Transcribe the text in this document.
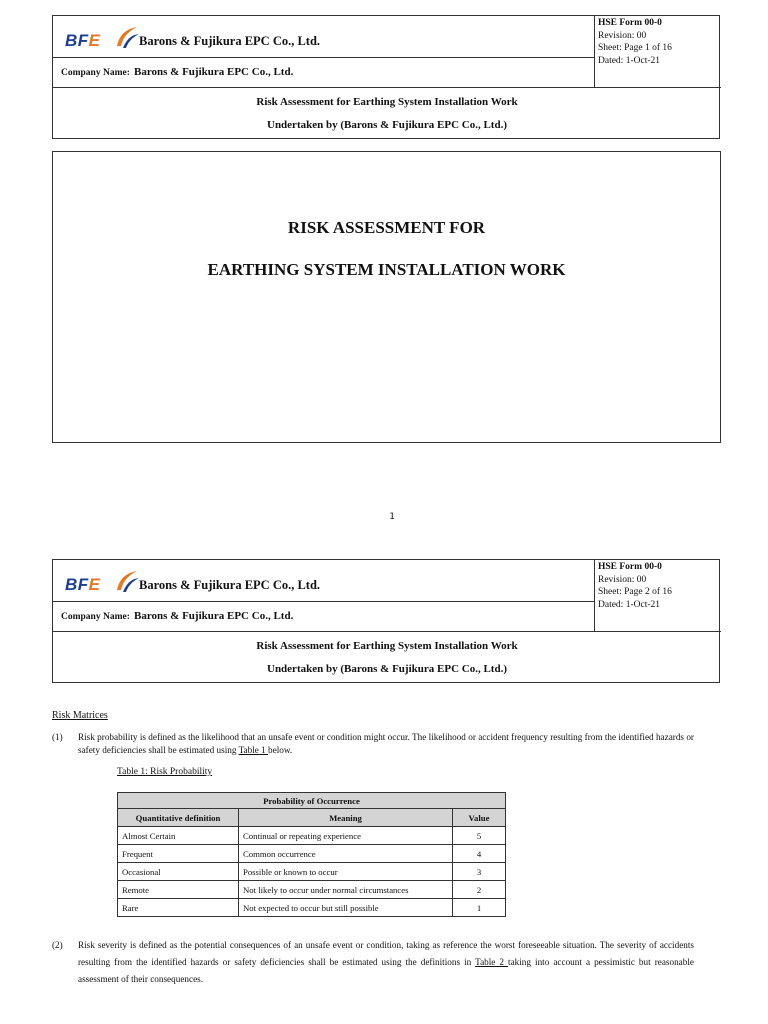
BFE	Barons & Fujikura EPC Co., Ltd.
Company Name: Barons & Fujikura EPC Co., Ltd.
HSE Form 00-0
Revision: 00
Sheet: Page 1 of 16
Dated: 1-Oct-21
Risk Assessment for Earthing System Installation Work
Undertaken by (Barons & Fujikura EPC Co., Ltd.)
RISK ASSESSMENT FOR
EARTHING SYSTEM INSTALLATION WORK
1
BFE	Barons & Fujikura EPC Co., Ltd.
Company Name: Barons & Fujikura EPC Co., Ltd.
HSE Form 00-0
Revision: 00
Sheet: Page 2 of 16
Dated: 1-Oct-21
Risk Assessment for Earthing System Installation Work
Undertaken by (Barons & Fujikura EPC Co., Ltd.)
Risk Matrices
(1) Risk probability is defined as the likelihood that an unsafe event or condition might occur. The likelihood or accident frequency resulting from the identified hazards or safety deficiencies shall be estimated using Table 1 below.
Table 1: Risk Probability
Probability of Occurrence		
Quantitative definition	Meaning	Value
Almost Certain	Continual or repeating experience	5
Frequent	Common occurrence	4
Occasional	Possible or known to occur	3
Remote	Not likely to occur under normal circumstances	2
Rare	Not expected to occur but still possible	1
(2) Risk severity is defined as the potential consequences of an unsafe event or condition, taking as reference the worst foreseeable situation. The severity of accidents resulting from the identified hazards or safety deficiencies shall be estimated using the definitions in Table 2 taking into account a pessimistic but reasonable assessment of their consequences.
